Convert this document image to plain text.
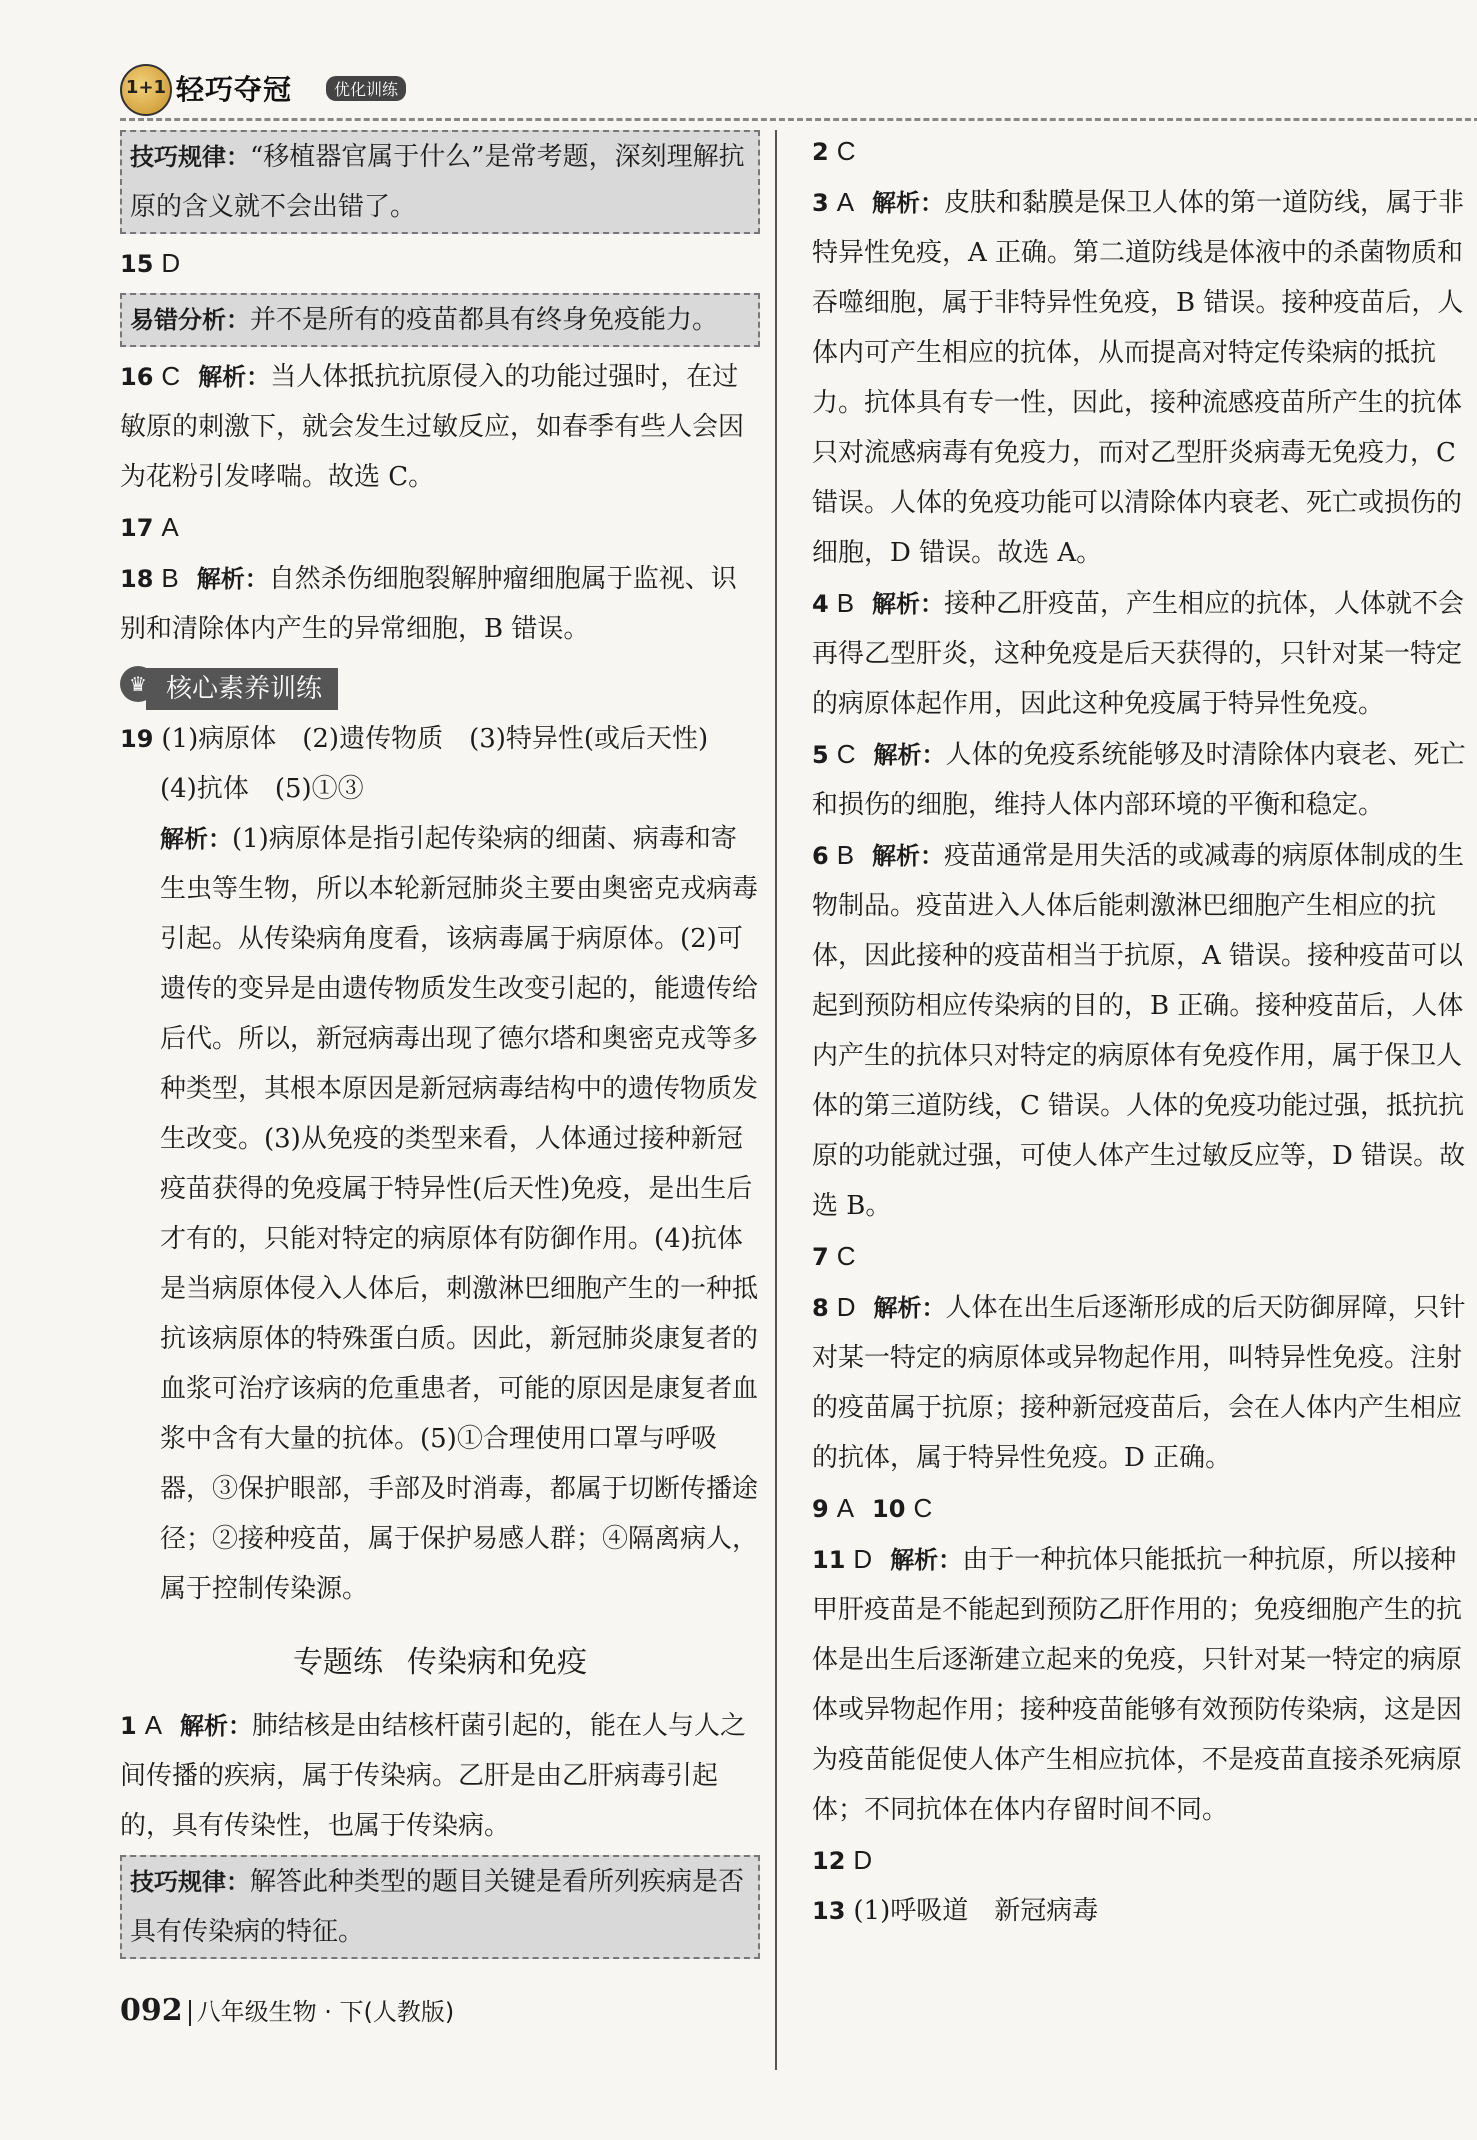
1+1 轻巧夺冠	优化训练
技巧规律：“移植器官属于什么”是常考题，深刻理解抗原的含义就不会出错了。
15 D
易错分析：并不是所有的疫苗都具有终身免疫能力。
16 C 解析：当人体抵抗抗原侵入的功能过强时，在过敏原的刺激下，就会发生过敏反应，如春季有些人会因为花粉引发哮喘。故选 C。
17 A
18 B 解析：自然杀伤细胞裂解肿瘤细胞属于监视、识别和清除体内产生的异常细胞，B 错误。
♛ 核心素养训练
19 (1)病原体　(2)遗传物质　(3)特异性(或后天性)
(4)抗体　(5)①③
解析：(1)病原体是指引起传染病的细菌、病毒和寄生虫等生物，所以本轮新冠肺炎主要由奥密克戎病毒引起。从传染病角度看，该病毒属于病原体。(2)可遗传的变异是由遗传物质发生改变引起的，能遗传给后代。所以，新冠病毒出现了德尔塔和奥密克戎等多种类型，其根本原因是新冠病毒结构中的遗传物质发生改变。(3)从免疫的类型来看，人体通过接种新冠疫苗获得的免疫属于特异性(后天性)免疫，是出生后才有的，只能对特定的病原体有防御作用。(4)抗体是当病原体侵入人体后，刺激淋巴细胞产生的一种抵抗该病原体的特殊蛋白质。因此，新冠肺炎康复者的血浆可治疗该病的危重患者，可能的原因是康复者血浆中含有大量的抗体。(5)①合理使用口罩与呼吸器，③保护眼部，手部及时消毒，都属于切断传播途径；②接种疫苗，属于保护易感人群；④隔离病人，属于控制传染源。
专题练 传染病和免疫
1 A 解析：肺结核是由结核杆菌引起的，能在人与人之间传播的疾病，属于传染病。乙肝是由乙肝病毒引起的，具有传染性，也属于传染病。
技巧规律：解答此种类型的题目关键是看所列疾病是否具有传染病的特征。
2 C
3 A 解析：皮肤和黏膜是保卫人体的第一道防线，属于非特异性免疫，A 正确。第二道防线是体液中的杀菌物质和吞噬细胞，属于非特异性免疫，B 错误。接种疫苗后，人体内可产生相应的抗体，从而提高对特定传染病的抵抗力。抗体具有专一性，因此，接种流感疫苗所产生的抗体只对流感病毒有免疫力，而对乙型肝炎病毒无免疫力，C 错误。人体的免疫功能可以清除体内衰老、死亡或损伤的细胞，D 错误。故选 A。
4 B 解析：接种乙肝疫苗，产生相应的抗体，人体就不会再得乙型肝炎，这种免疫是后天获得的，只针对某一特定的病原体起作用，因此这种免疫属于特异性免疫。
5 C 解析：人体的免疫系统能够及时清除体内衰老、死亡和损伤的细胞，维持人体内部环境的平衡和稳定。
6 B 解析：疫苗通常是用失活的或减毒的病原体制成的生物制品。疫苗进入人体后能刺激淋巴细胞产生相应的抗体，因此接种的疫苗相当于抗原，A 错误。接种疫苗可以起到预防相应传染病的目的，B 正确。接种疫苗后，人体内产生的抗体只对特定的病原体有免疫作用，属于保卫人体的第三道防线，C 错误。人体的免疫功能过强，抵抗抗原的功能就过强，可使人体产生过敏反应等，D 错误。故选 B。
7 C
8 D 解析：人体在出生后逐渐形成的后天防御屏障，只针对某一特定的病原体或异物起作用，叫特异性免疫。注射的疫苗属于抗原；接种新冠疫苗后，会在人体内产生相应的抗体，属于特异性免疫。D 正确。
9 A 10 C
11 D 解析：由于一种抗体只能抵抗一种抗原，所以接种甲肝疫苗是不能起到预防乙肝作用的；免疫细胞产生的抗体是出生后逐渐建立起来的免疫，只针对某一特定的病原体或异物起作用；接种疫苗能够有效预防传染病，这是因为疫苗能促使人体产生相应抗体，不是疫苗直接杀死病原体；不同抗体在体内存留时间不同。
12 D
13 (1)呼吸道　新冠病毒
092 八年级生物 · 下(人教版)
